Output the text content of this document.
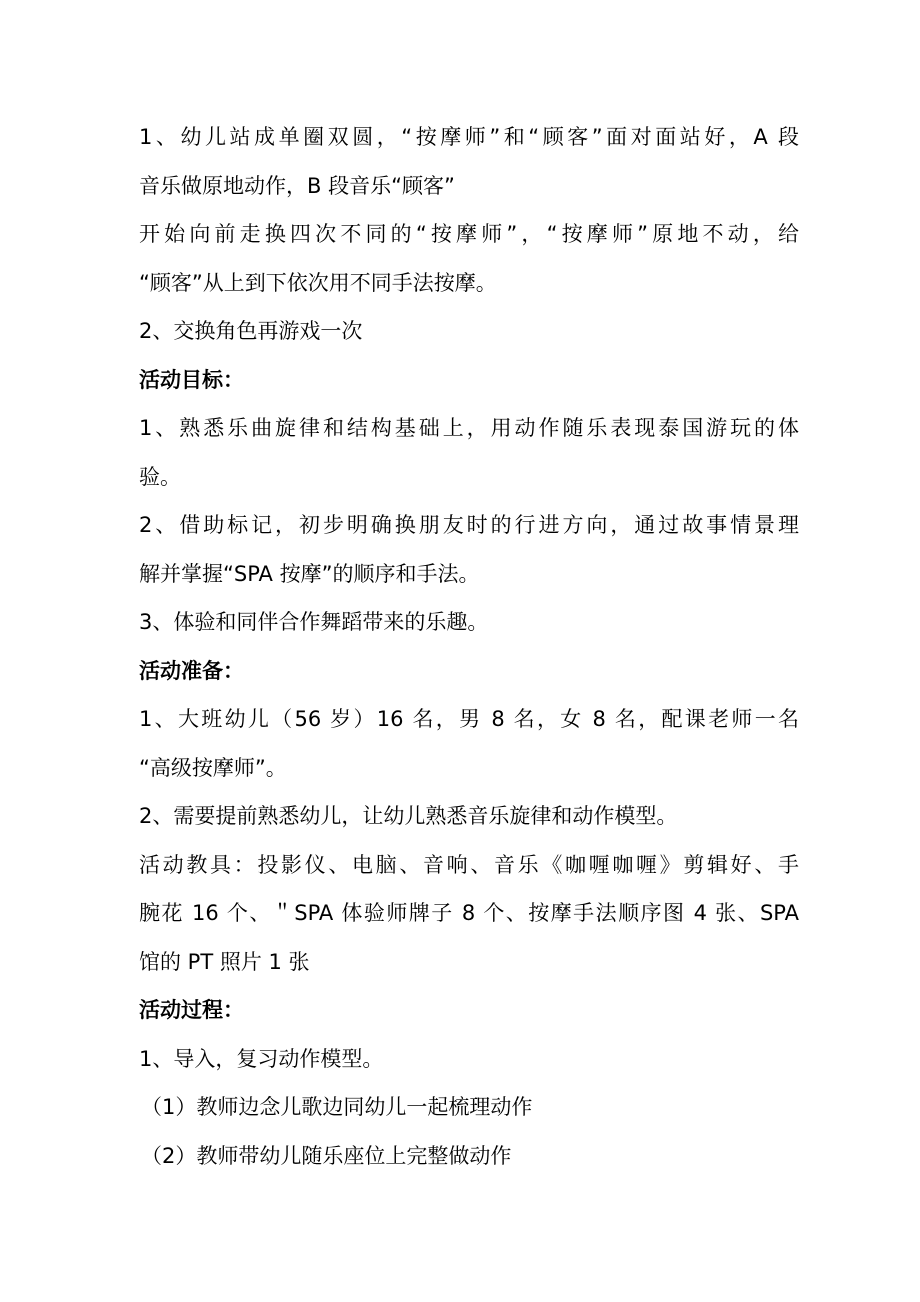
1、幼儿站成单圈双圆，“按摩师”和“顾客”面对面站好，A 段
音乐做原地动作，B 段音乐“顾客”
开始向前走换四次不同的“按摩师”，“按摩师”原地不动，给
“顾客”从上到下依次用不同手法按摩。
2、交换角色再游戏一次
活动目标：
1、熟悉乐曲旋律和结构基础上，用动作随乐表现泰国游玩的体
验。
2、借助标记，初步明确换朋友时的行进方向，通过故事情景理
解并掌握“SPA 按摩”的顺序和手法。
3、体验和同伴合作舞蹈带来的乐趣。
活动准备：
1、大班幼儿（56 岁）16 名，男 8 名，女 8 名，配课老师一名
“高级按摩师”。
2、需要提前熟悉幼儿，让幼儿熟悉音乐旋律和动作模型。
活动教具：投影仪、电脑、音响、音乐《咖喱咖喱》剪辑好、手
腕花 16 个、＂SPA 体验师牌子 8 个、按摩手法顺序图 4 张、SPA
馆的 PT 照片 1 张
活动过程：
1、导入，复习动作模型。
（1）教师边念儿歌边同幼儿一起梳理动作
（2）教师带幼儿随乐座位上完整做动作
